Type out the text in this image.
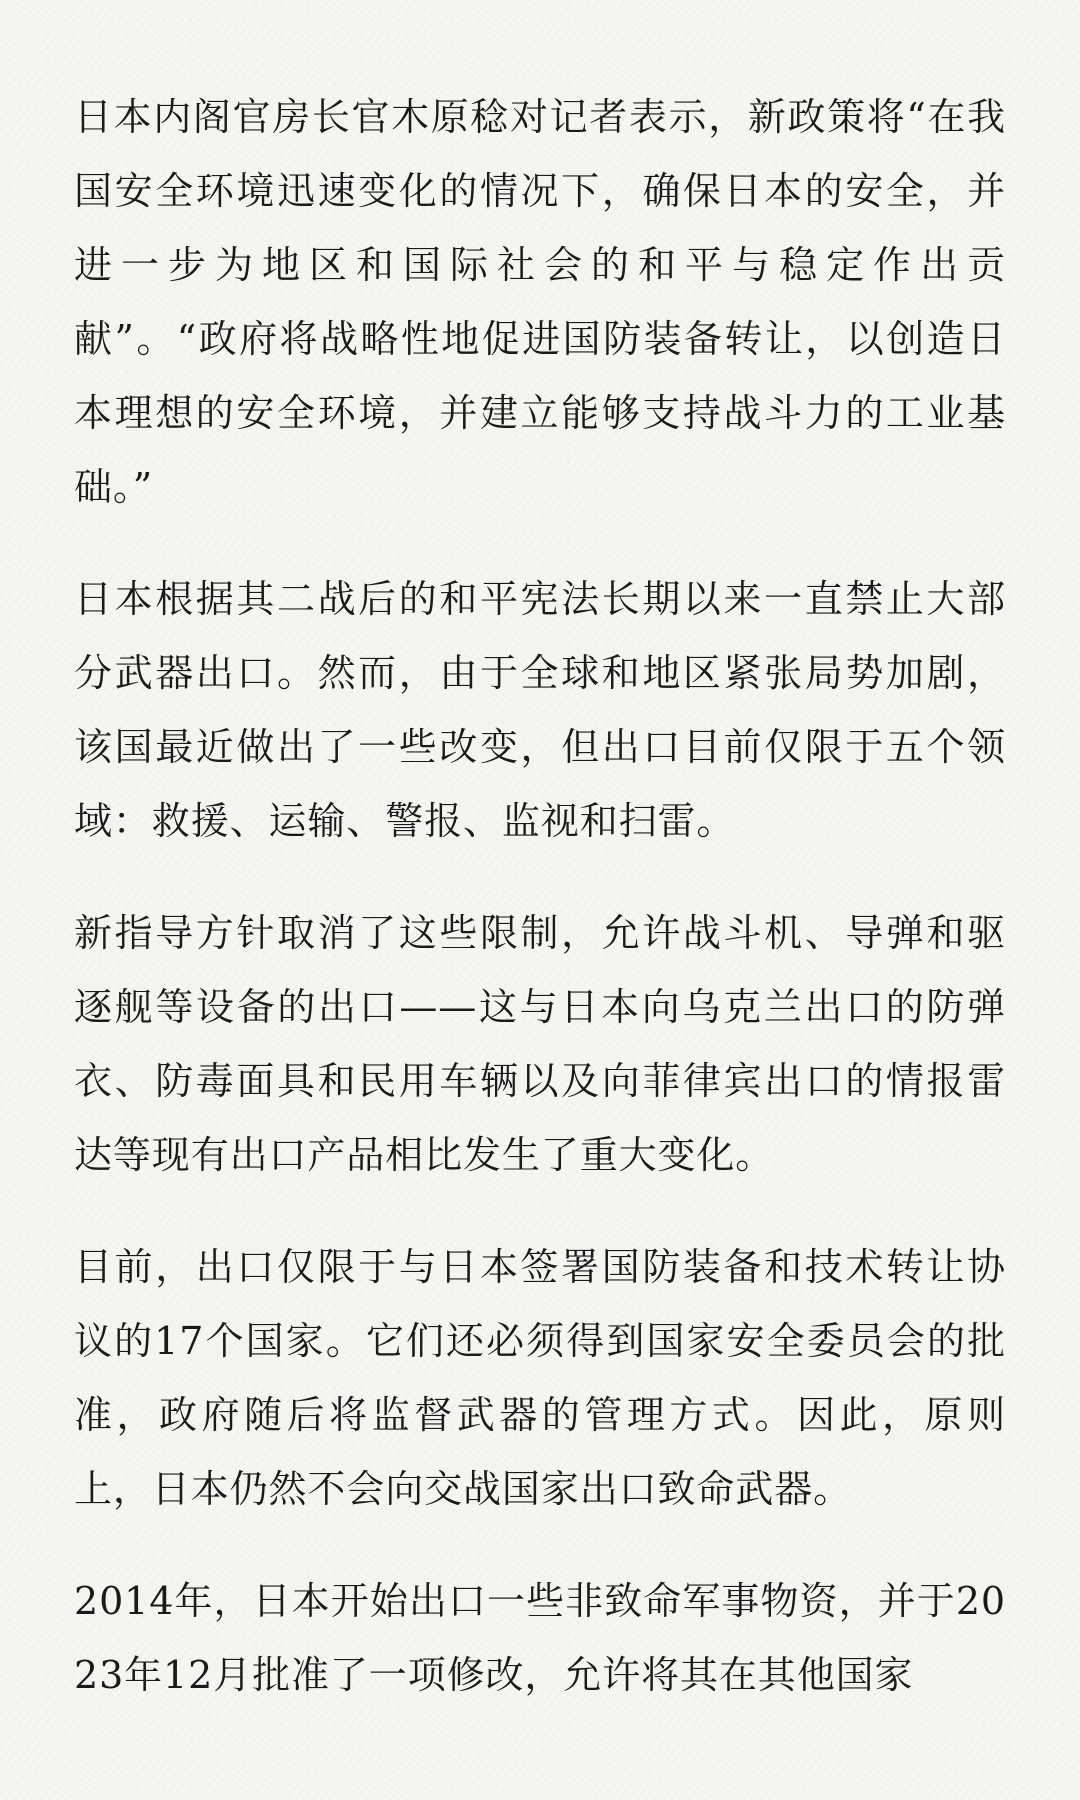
日本内阁官房长官木原稔对记者表示，新政策将“在我国安全环境迅速变化的情况下，确保日本的安全，并进一步为地区和国际社会的和平与稳定作出贡献”。“政府将战略性地促进国防装备转让，以创造日本理想的安全环境，并建立能够支持战斗力的工业基础。”

日本根据其二战后的和平宪法长期以来一直禁止大部分武器出口。然而，由于全球和地区紧张局势加剧，该国最近做出了一些改变，但出口目前仅限于五个领域：救援、运输、警报、监视和扫雷。

新指导方针取消了这些限制，允许战斗机、导弹和驱逐舰等设备的出口——这与日本向乌克兰出口的防弹衣、防毒面具和民用车辆以及向菲律宾出口的情报雷达等现有出口产品相比发生了重大变化。

目前，出口仅限于与日本签署国防装备和技术转让协议的17个国家。它们还必须得到国家安全委员会的批准，政府随后将监督武器的管理方式。因此，原则上，日本仍然不会向交战国家出口致命武器。

2014年，日本开始出口一些非致命军事物资，并于2023年12月批准了一项修改，允许将其在其他国家
